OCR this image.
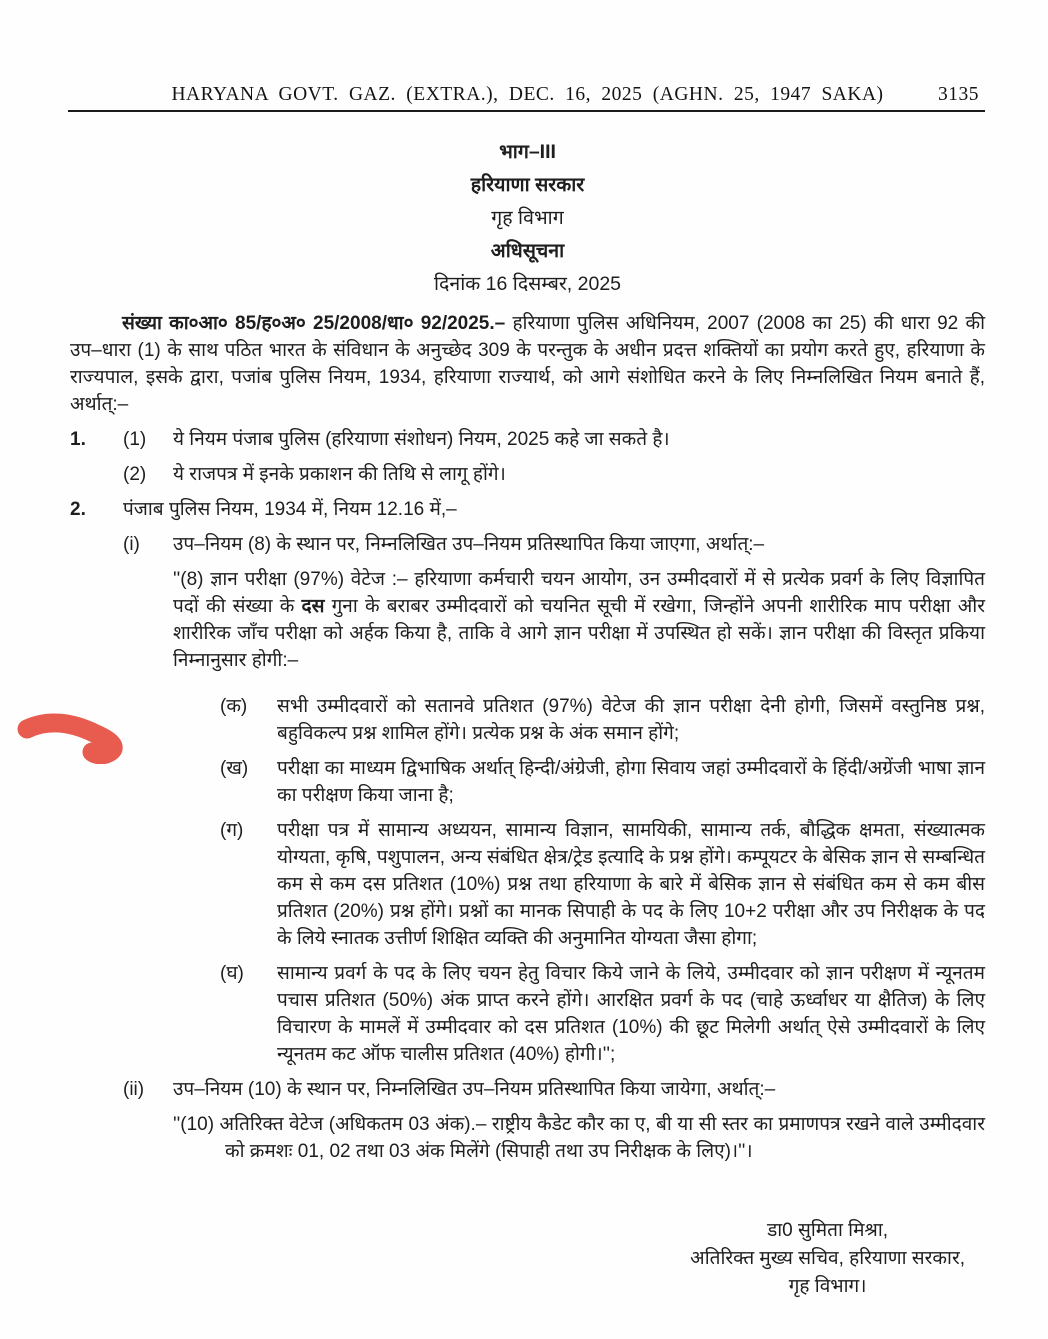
HARYANA GOVT. GAZ. (EXTRA.), DEC. 16, 2025 (AGHN. 25, 1947 SAKA)	3135
भाग–III
हरियाणा सरकार
गृह विभाग
अधिसूचना
दिनांक 16 दिसम्बर, 2025

संख्या का०आ० 85/ह०अ० 25/2008/धा० 92/2025.– हरियाणा पुलिस अधिनियम, 2007 (2008 का 25) की धारा 92 की उप–धारा (1) के साथ पठित भारत के संविधान के अनुच्छेद 309 के परन्तुक के अधीन प्रदत्त शक्तियों का प्रयोग करते हुए, हरियाणा के राज्यपाल, इसके द्वारा, पजांब पुलिस नियम, 1934, हरियाणा राज्यार्थ, को आगे संशोधित करने के लिए निम्नलिखित नियम बनाते हैं, अर्थात्:–

1. (1) ये नियम पंजाब पुलिस (हरियाणा संशोधन) नियम, 2025 कहे जा सकते है।
(2) ये राजपत्र में इनके प्रकाशन की तिथि से लागू होंगे।
2. पंजाब पुलिस नियम, 1934 में, नियम 12.16 में,–
(i) उप–नियम (8) के स्थान पर, निम्नलिखित उप–नियम प्रतिस्थापित किया जाएगा, अर्थात्:–

''(8) ज्ञान परीक्षा (97%) वेटेज :– हरियाणा कर्मचारी चयन आयोग, उन उम्मीदवारों में से प्रत्येक प्रवर्ग के लिए विज्ञापित पदों की संख्या के दस गुना के बराबर उम्मीदवारों को चयनित सूची में रखेगा, जिन्होंने अपनी शारीरिक माप परीक्षा और शारीरिक जाँच परीक्षा को अर्हक किया है, ताकि वे आगे ज्ञान परीक्षा में उपस्थित हो सकें। ज्ञान परीक्षा की विस्तृत प्रकिया निम्नानुसार होगी:–

(क) सभी उम्मीदवारों को सतानवे प्रतिशत (97%) वेटेज की ज्ञान परीक्षा देनी होगी, जिसमें वस्तुनिष्ठ प्रश्न, बहुविकल्प प्रश्न शामिल होंगे। प्रत्येक प्रश्न के अंक समान होंगे;
(ख) परीक्षा का माध्यम द्विभाषिक अर्थात् हिन्दी/अंग्रेजी, होगा सिवाय जहां उम्मीदवारों के हिंदी/अग्रेंजी भाषा ज्ञान का परीक्षण किया जाना है;
(ग) परीक्षा पत्र में सामान्य अध्ययन, सामान्य विज्ञान, सामयिकी, सामान्य तर्क, बौद्धिक क्षमता, संख्यात्मक योग्यता, कृषि, पशुपालन, अन्य संबंधित क्षेत्र/ट्रेड इत्यादि के प्रश्न होंगे। कम्पूयटर के बेसिक ज्ञान से सम्बन्धित कम से कम दस प्रतिशत (10%) प्रश्न तथा हरियाणा के बारे में बेसिक ज्ञान से संबंधित कम से कम बीस प्रतिशत (20%) प्रश्न होंगे। प्रश्नों का मानक सिपाही के पद के लिए 10+2 परीक्षा और उप निरीक्षक के पद के लिये स्नातक उत्तीर्ण शिक्षित व्यक्ति की अनुमानित योग्यता जैसा होगा;
(घ) सामान्य प्रवर्ग के पद के लिए चयन हेतु विचार किये जाने के लिये, उम्मीदवार को ज्ञान परीक्षण में न्यूनतम पचास प्रतिशत (50%) अंक प्राप्त करने होंगे। आरक्षित प्रवर्ग के पद (चाहे ऊर्ध्वाधर या क्षैतिज) के लिए विचारण के मामलें में उम्मीदवार को दस प्रतिशत (10%) की छूट मिलेगी अर्थात् ऐसे उम्मीदवारों के लिए न्यूनतम कट ऑफ चालीस प्रतिशत (40%) होगी।'';
(ii) उप–नियम (10) के स्थान पर, निम्नलिखित उप–नियम प्रतिस्थापित किया जायेगा, अर्थात्:–

''(10) अतिरिक्त वेटेज (अधिकतम 03 अंक).– राष्ट्रीय कैडेट कौर का ए, बी या सी स्तर का प्रमाणपत्र रखने वाले उम्मीदवार को क्रमशः 01, 02 तथा 03 अंक मिलेंगे (सिपाही तथा उप निरीक्षक के लिए)।''।

डा0 सुमिता मिश्रा,
अतिरिक्त मुख्य सचिव, हरियाणा सरकार,
गृह विभाग।
